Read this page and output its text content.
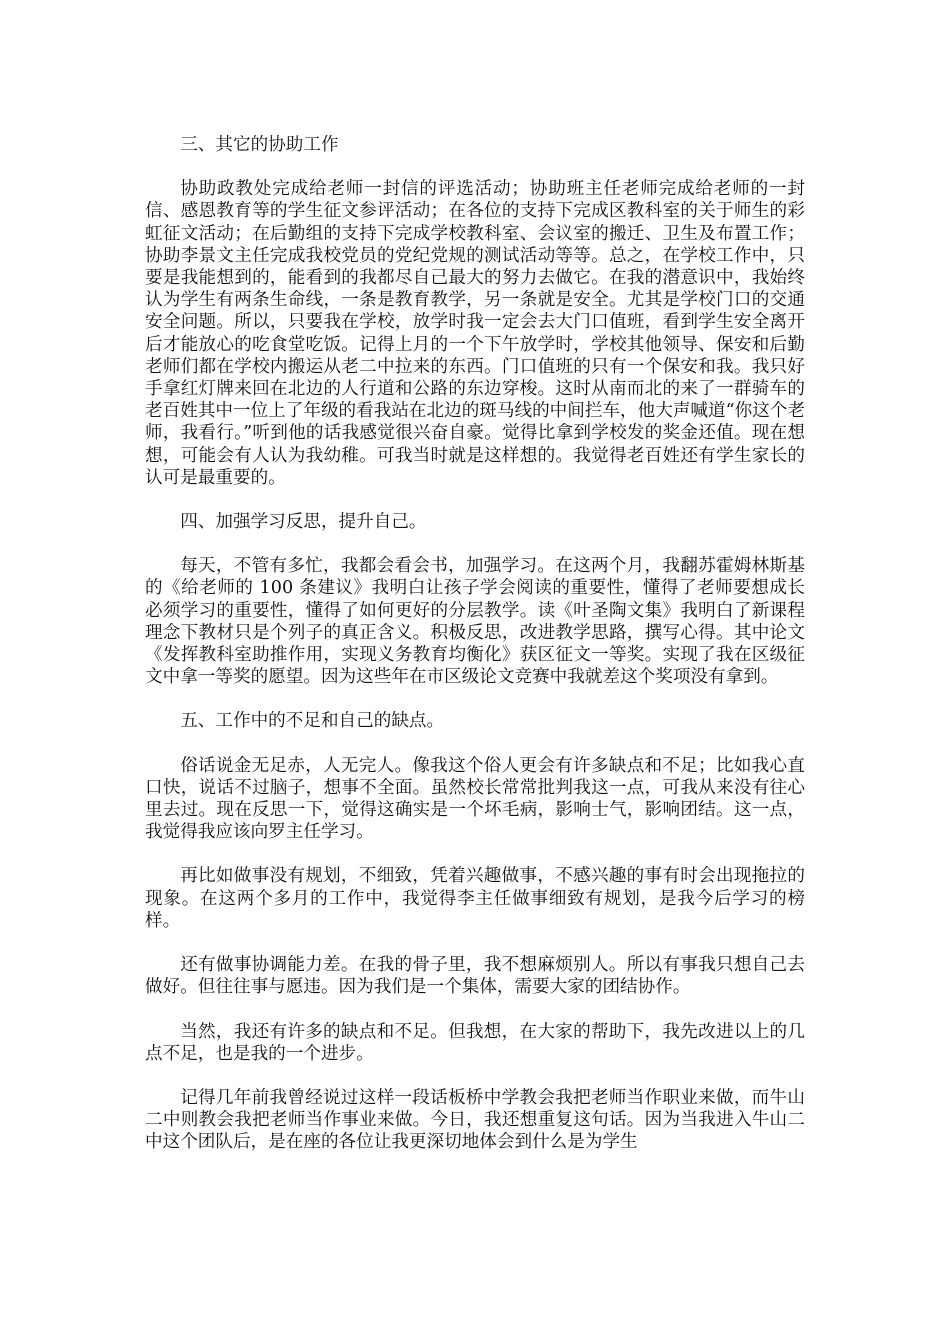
三、其它的协助工作

协助政教处完成给老师一封信的评选活动；协助班主任老师完成给老师的一封信、感恩教育等的学生征文参评活动；在各位的支持下完成区教科室的关于师生的彩虹征文活动；在后勤组的支持下完成学校教科室、会议室的搬迁、卫生及布置工作；协助李景文主任完成我校党员的党纪党规的测试活动等等。总之，在学校工作中，只要是我能想到的，能看到的我都尽自己最大的努力去做它。在我的潜意识中，我始终认为学生有两条生命线，一条是教育教学，另一条就是安全。尤其是学校门口的交通安全问题。所以，只要我在学校，放学时我一定会去大门口值班，看到学生安全离开后才能放心的吃食堂吃饭。记得上月的一个下午放学时，学校其他领导、保安和后勤老师们都在学校内搬运从老二中拉来的东西。门口值班的只有一个保安和我。我只好手拿红灯牌来回在北边的人行道和公路的东边穿梭。这时从南而北的来了一群骑车的老百姓其中一位上了年级的看我站在北边的斑马线的中间拦车，他大声喊道“你这个老师，我看行。”听到他的话我感觉很兴奋自豪。觉得比拿到学校发的奖金还值。现在想想，可能会有人认为我幼稚。可我当时就是这样想的。我觉得老百姓还有学生家长的认可是最重要的。

四、加强学习反思，提升自己。

每天，不管有多忙，我都会看会书，加强学习。在这两个月，我翻苏霍姆林斯基的《给老师的 100 条建议》我明白让孩子学会阅读的重要性，懂得了老师要想成长必须学习的重要性，懂得了如何更好的分层教学。读《叶圣陶文集》我明白了新课程理念下教材只是个列子的真正含义。积极反思，改进教学思路，撰写心得。其中论文《发挥教科室助推作用，实现义务教育均衡化》获区征文一等奖。实现了我在区级征文中拿一等奖的愿望。因为这些年在市区级论文竞赛中我就差这个奖项没有拿到。

五、工作中的不足和自己的缺点。

俗话说金无足赤，人无完人。像我这个俗人更会有许多缺点和不足；比如我心直口快，说话不过脑子，想事不全面。虽然校长常常批判我这一点，可我从来没有往心里去过。现在反思一下，觉得这确实是一个坏毛病，影响士气，影响团结。这一点，我觉得我应该向罗主任学习。

再比如做事没有规划，不细致，凭着兴趣做事，不感兴趣的事有时会出现拖拉的现象。在这两个多月的工作中，我觉得李主任做事细致有规划，是我今后学习的榜样。

还有做事协调能力差。在我的骨子里，我不想麻烦别人。所以有事我只想自己去做好。但往往事与愿违。因为我们是一个集体，需要大家的团结协作。

当然，我还有许多的缺点和不足。但我想，在大家的帮助下，我先改进以上的几点不足，也是我的一个进步。

记得几年前我曾经说过这样一段话板桥中学教会我把老师当作职业来做，而牛山二中则教会我把老师当作事业来做。今日，我还想重复这句话。因为当我进入牛山二中这个团队后，是在座的各位让我更深切地体会到什么是为学生
